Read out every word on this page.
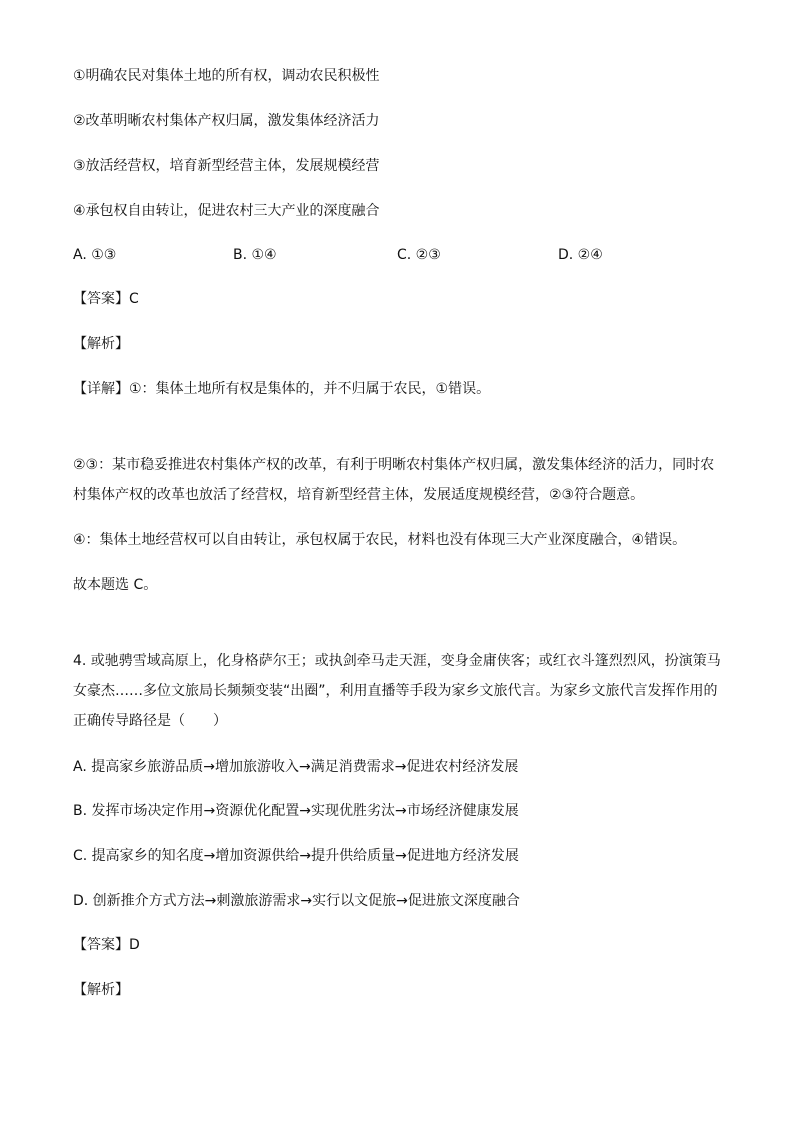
①明确农民对集体土地的所有权，调动农民积极性
②改革明晰农村集体产权归属，激发集体经济活力
③放活经营权，培育新型经营主体，发展规模经营
④承包权自由转让，促进农村三大产业的深度融合
A. ①③	B. ①④	C. ②③	D. ②④
【答案】C
【解析】
【详解】①：集体土地所有权是集体的，并不归属于农民，①错误。
②③：某市稳妥推进农村集体产权的改革，有利于明晰农村集体产权归属，激发集体经济的活力，同时农
村集体产权的改革也放活了经营权，培育新型经营主体，发展适度规模经营，②③符合题意。
④：集体土地经营权可以自由转让，承包权属于农民，材料也没有体现三大产业深度融合，④错误。
故本题选 C。
4. 或驰骋雪域高原上，化身格萨尔王；或执剑牵马走天涯，变身金庸侠客；或红衣斗篷烈烈风，扮演策马
女豪杰……多位文旅局长频频变装“出圈”，利用直播等手段为家乡文旅代言。为家乡文旅代言发挥作用的
正确传导路径是（　　）
A. 提高家乡旅游品质→增加旅游收入→满足消费需求→促进农村经济发展
B. 发挥市场决定作用→资源优化配置→实现优胜劣汰→市场经济健康发展
C. 提高家乡的知名度→增加资源供给→提升供给质量→促进地方经济发展
D. 创新推介方式方法→刺激旅游需求→实行以文促旅→促进旅文深度融合
【答案】D
【解析】
